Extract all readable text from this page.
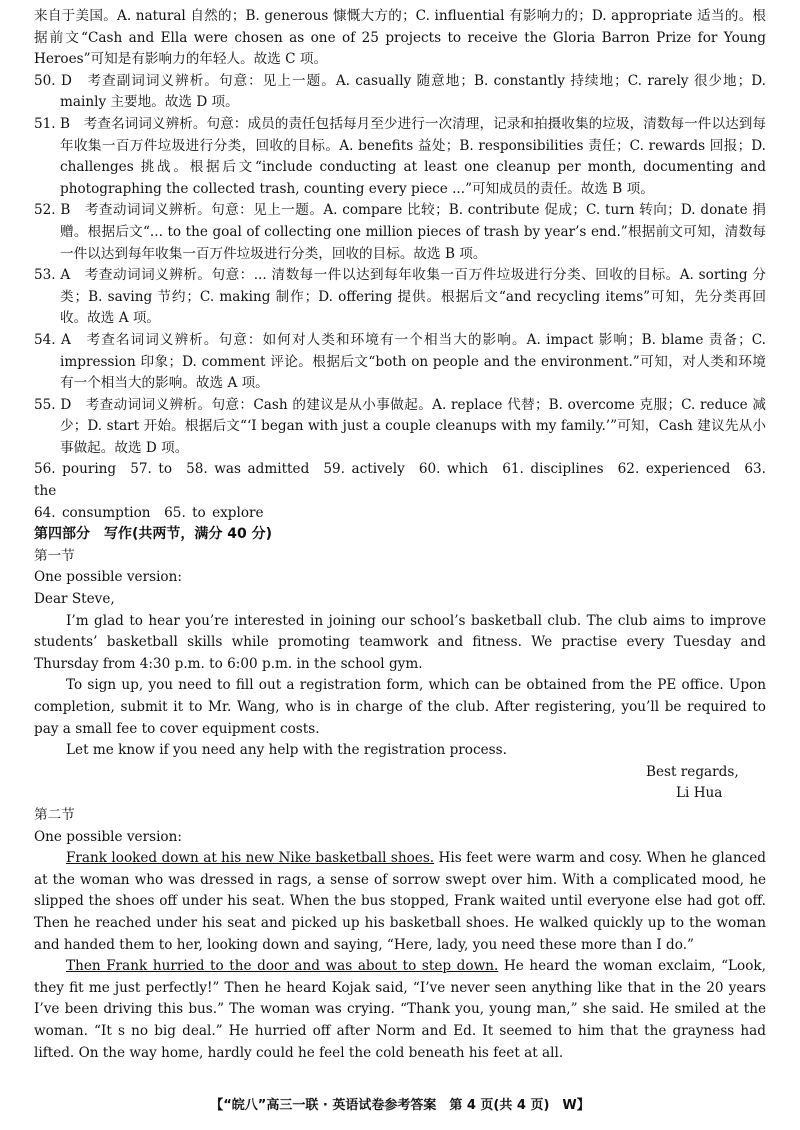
来自于美国。A. natural 自然的；B. generous 慷慨大方的；C. influential 有影响力的；D. appropriate 适当的。根据前文“Cash and Ella were chosen as one of 25 projects to receive the Gloria Barron Prize for Young Heroes”可知是有影响力的年轻人。故选 C 项。

50. D　考查副词词义辨析。句意：见上一题。A. casually 随意地；B. constantly 持续地；C. rarely 很少地；D. mainly 主要地。故选 D 项。

51. B　考查名词词义辨析。句意：成员的责任包括每月至少进行一次清理，记录和拍摄收集的垃圾，清数每一件以达到每年收集一百万件垃圾进行分类，回收的目标。A. benefits 益处；B. responsibilities 责任；C. rewards 回报；D. challenges 挑战。根据后文“include conducting at least one cleanup per month, documenting and photographing the collected trash, counting every piece ...”可知成员的责任。故选 B 项。

52. B　考查动词词义辨析。句意：见上一题。A. compare 比较；B. contribute 促成；C. turn 转向；D. donate 捐赠。根据后文“... to the goal of collecting one million pieces of trash by year’s end.”根据前文可知，清数每一件以达到每年收集一百万件垃圾进行分类，回收的目标。故选 B 项。

53. A　考查动词词义辨析。句意：... 清数每一件以达到每年收集一百万件垃圾进行分类、回收的目标。A. sorting 分类；B. saving 节约；C. making 制作；D. offering 提供。根据后文“and recycling items”可知，先分类再回收。故选 A 项。

54. A　考查名词词义辨析。句意：如何对人类和环境有一个相当大的影响。A. impact 影响；B. blame 责备；C. impression 印象；D. comment 评论。根据后文“both on people and the environment.”可知，对人类和环境有一个相当大的影响。故选 A 项。

55. D　考查动词词义辨析。句意：Cash 的建议是从小事做起。A. replace 代替；B. overcome 克服；C. reduce 减少；D. start 开始。根据后文“‘I began with just a couple cleanups with my family.’”可知，Cash 建议先从小事做起。故选 D 项。

56. pouring　57. to　58. was admitted　59. actively　60. which　61. disciplines　62. experienced　63. the

64. consumption　65. to explore

第四部分　写作(共两节，满分 40 分)

第一节

One possible version:

Dear Steve,

I’m glad to hear you’re interested in joining our school’s basketball club. The club aims to improve students’ basketball skills while promoting teamwork and fitness. We practise every Tuesday and Thursday from 4:30 p.m. to 6:00 p.m. in the school gym.

To sign up, you need to fill out a registration form, which can be obtained from the PE office. Upon completion, submit it to Mr. Wang, who is in charge of the club. After registering, you’ll be required to pay a small fee to cover equipment costs.

Let me know if you need any help with the registration process.

Best regards,

Li Hua

第二节

One possible version:

Frank looked down at his new Nike basketball shoes. His feet were warm and cosy. When he glanced at the woman who was dressed in rags, a sense of sorrow swept over him. With a complicated mood, he slipped the shoes off under his seat. When the bus stopped, Frank waited until everyone else had got off. Then he reached under his seat and picked up his basketball shoes. He walked quickly up to the woman and handed them to her, looking down and saying, “Here, lady, you need these more than I do.”

Then Frank hurried to the door and was about to step down. He heard the woman exclaim, “Look, they fit me just perfectly!” Then he heard Kojak said, “I’ve never seen anything like that in the 20 years I’ve been driving this bus.” The woman was crying. “Thank you, young man,” she said. He smiled at the woman. “It s no big deal.” He hurried off after Norm and Ed. It seemed to him that the grayness had lifted. On the way home, hardly could he feel the cold beneath his feet at all.

【“皖八”高三一联 · 英语试卷参考答案　第 4 页(共 4 页)　W】
